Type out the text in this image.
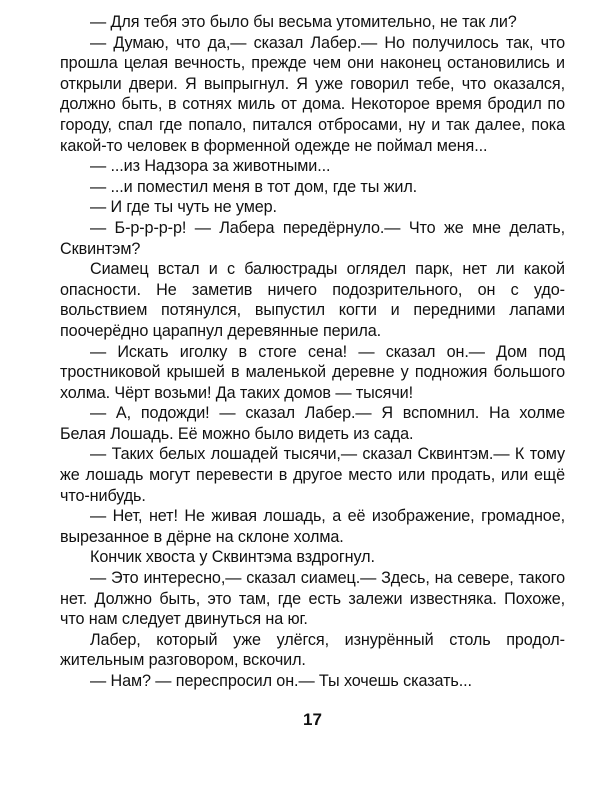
— Для тебя это было бы весьма утомительно, не так ли?

— Думаю, что да,— сказал Лабер.— Но получилось так, что прошла целая вечность, прежде чем они наконец остановились и открыли двери. Я выпрыгнул. Я уже говорил тебе, что оказался, должно быть, в сотнях миль от дома. Некоторое время бродил по городу, спал где попало, питался отбросами, ну и так далее, пока какой-то человек в форменной одежде не поймал меня...

— ...из Надзора за животными...

— ...и поместил меня в тот дом, где ты жил.

— И где ты чуть не умер.

— Б-р-р-р-р! — Лабера передёрнуло.— Что же мне делать, Сквинтэм?

Сиамец встал и с балюстрады оглядел парк, нет ли какой опасности. Не заметив ничего подозрительного, он с удовольствием потянулся, выпустил когти и передними лапами поочерёдно царапнул деревянные перила.

— Искать иголку в стоге сена! — сказал он.— Дом под тростниковой крышей в маленькой деревне у подножия большого холма. Чёрт возьми! Да таких домов — тысячи!

— А, подожди! — сказал Лабер.— Я вспомнил. На холме Белая Лошадь. Её можно было видеть из сада.

— Таких белых лошадей тысячи,— сказал Сквинтэм.— К тому же лошадь могут перевести в другое место или продать, или ещё что-нибудь.

— Нет, нет! Не живая лошадь, а её изображение, громадное, вырезанное в дёрне на склоне холма.

Кончик хвоста у Сквинтэма вздрогнул.

— Это интересно,— сказал сиамец.— Здесь, на севере, такого нет. Должно быть, это там, где есть залежи известняка. Похоже, что нам следует двинуться на юг.

Лабер, который уже улёгся, изнурённый столь продолжительным разговором, вскочил.

— Нам? — переспросил он.— Ты хочешь сказать...

17
